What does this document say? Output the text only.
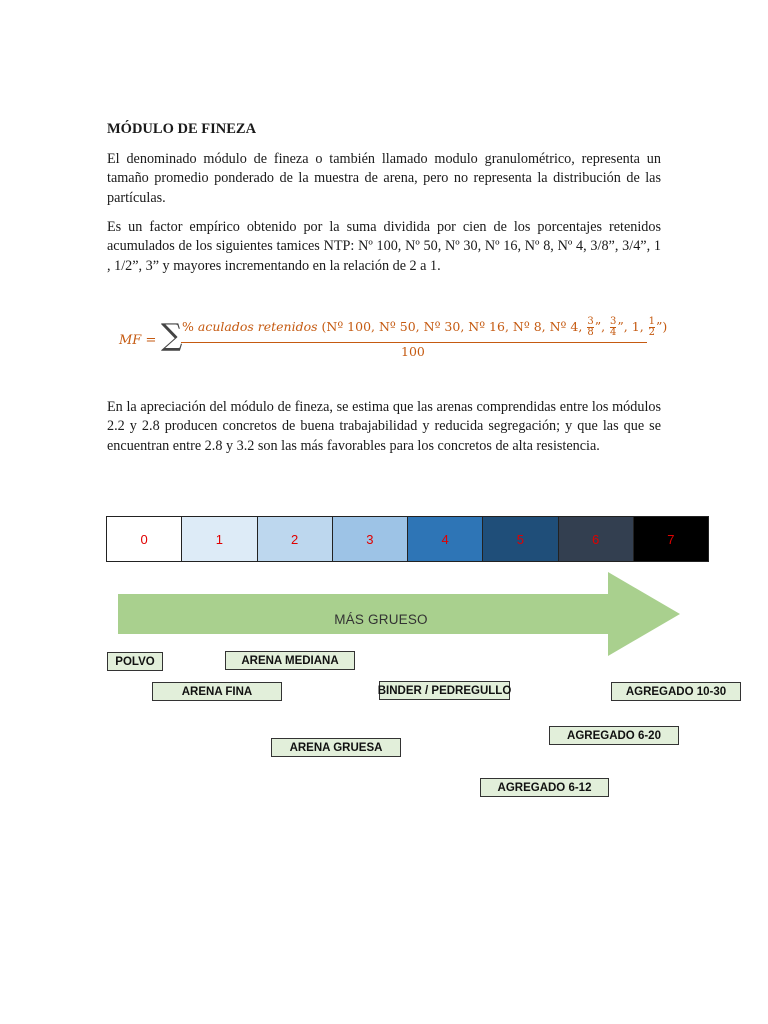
MÓDULO DE FINEZA

El denominado módulo de fineza o también llamado modulo granulométrico, representa un tamaño promedio ponderado de la muestra de arena, pero no representa la distribución de las partículas.

Es un factor empírico obtenido por la suma dividida por cien de los porcentajes retenidos acumulados de los siguientes tamices NTP: Nº 100, Nº 50, Nº 30, Nº 16, Nº 8, Nº 4, 3/8”, 3/4”, 1 , 1/2”, 3” y mayores incrementando en la relación de 2 a 1.

MF = ∑ % aculados retenidos (Nº 100, Nº 50, Nº 30, Nº 16, Nº 8, Nº 4, $\frac{3}{8}$ ”, $\frac{3}{4}$ ”, 1, $\frac{1}{2}$ ”)
100

En la apreciación del módulo de fineza, se estima que las arenas comprendidas entre los módulos 2.2 y 2.8 producen concretos de buena trabajabilidad y reducida segregación; y que las que se encuentran entre 2.8 y 3.2 son las más favorables para los concretos de alta resistencia.

0	1	2	3	4	5	6	7
MÁS GRUESO
POLVO	ARENA MEDIANA
ARENA FINA	BINDER / PEDREGULLO	AGREGADO 10-30
AGREGADO 6-20
ARENA GRUESA
AGREGADO 6-12
